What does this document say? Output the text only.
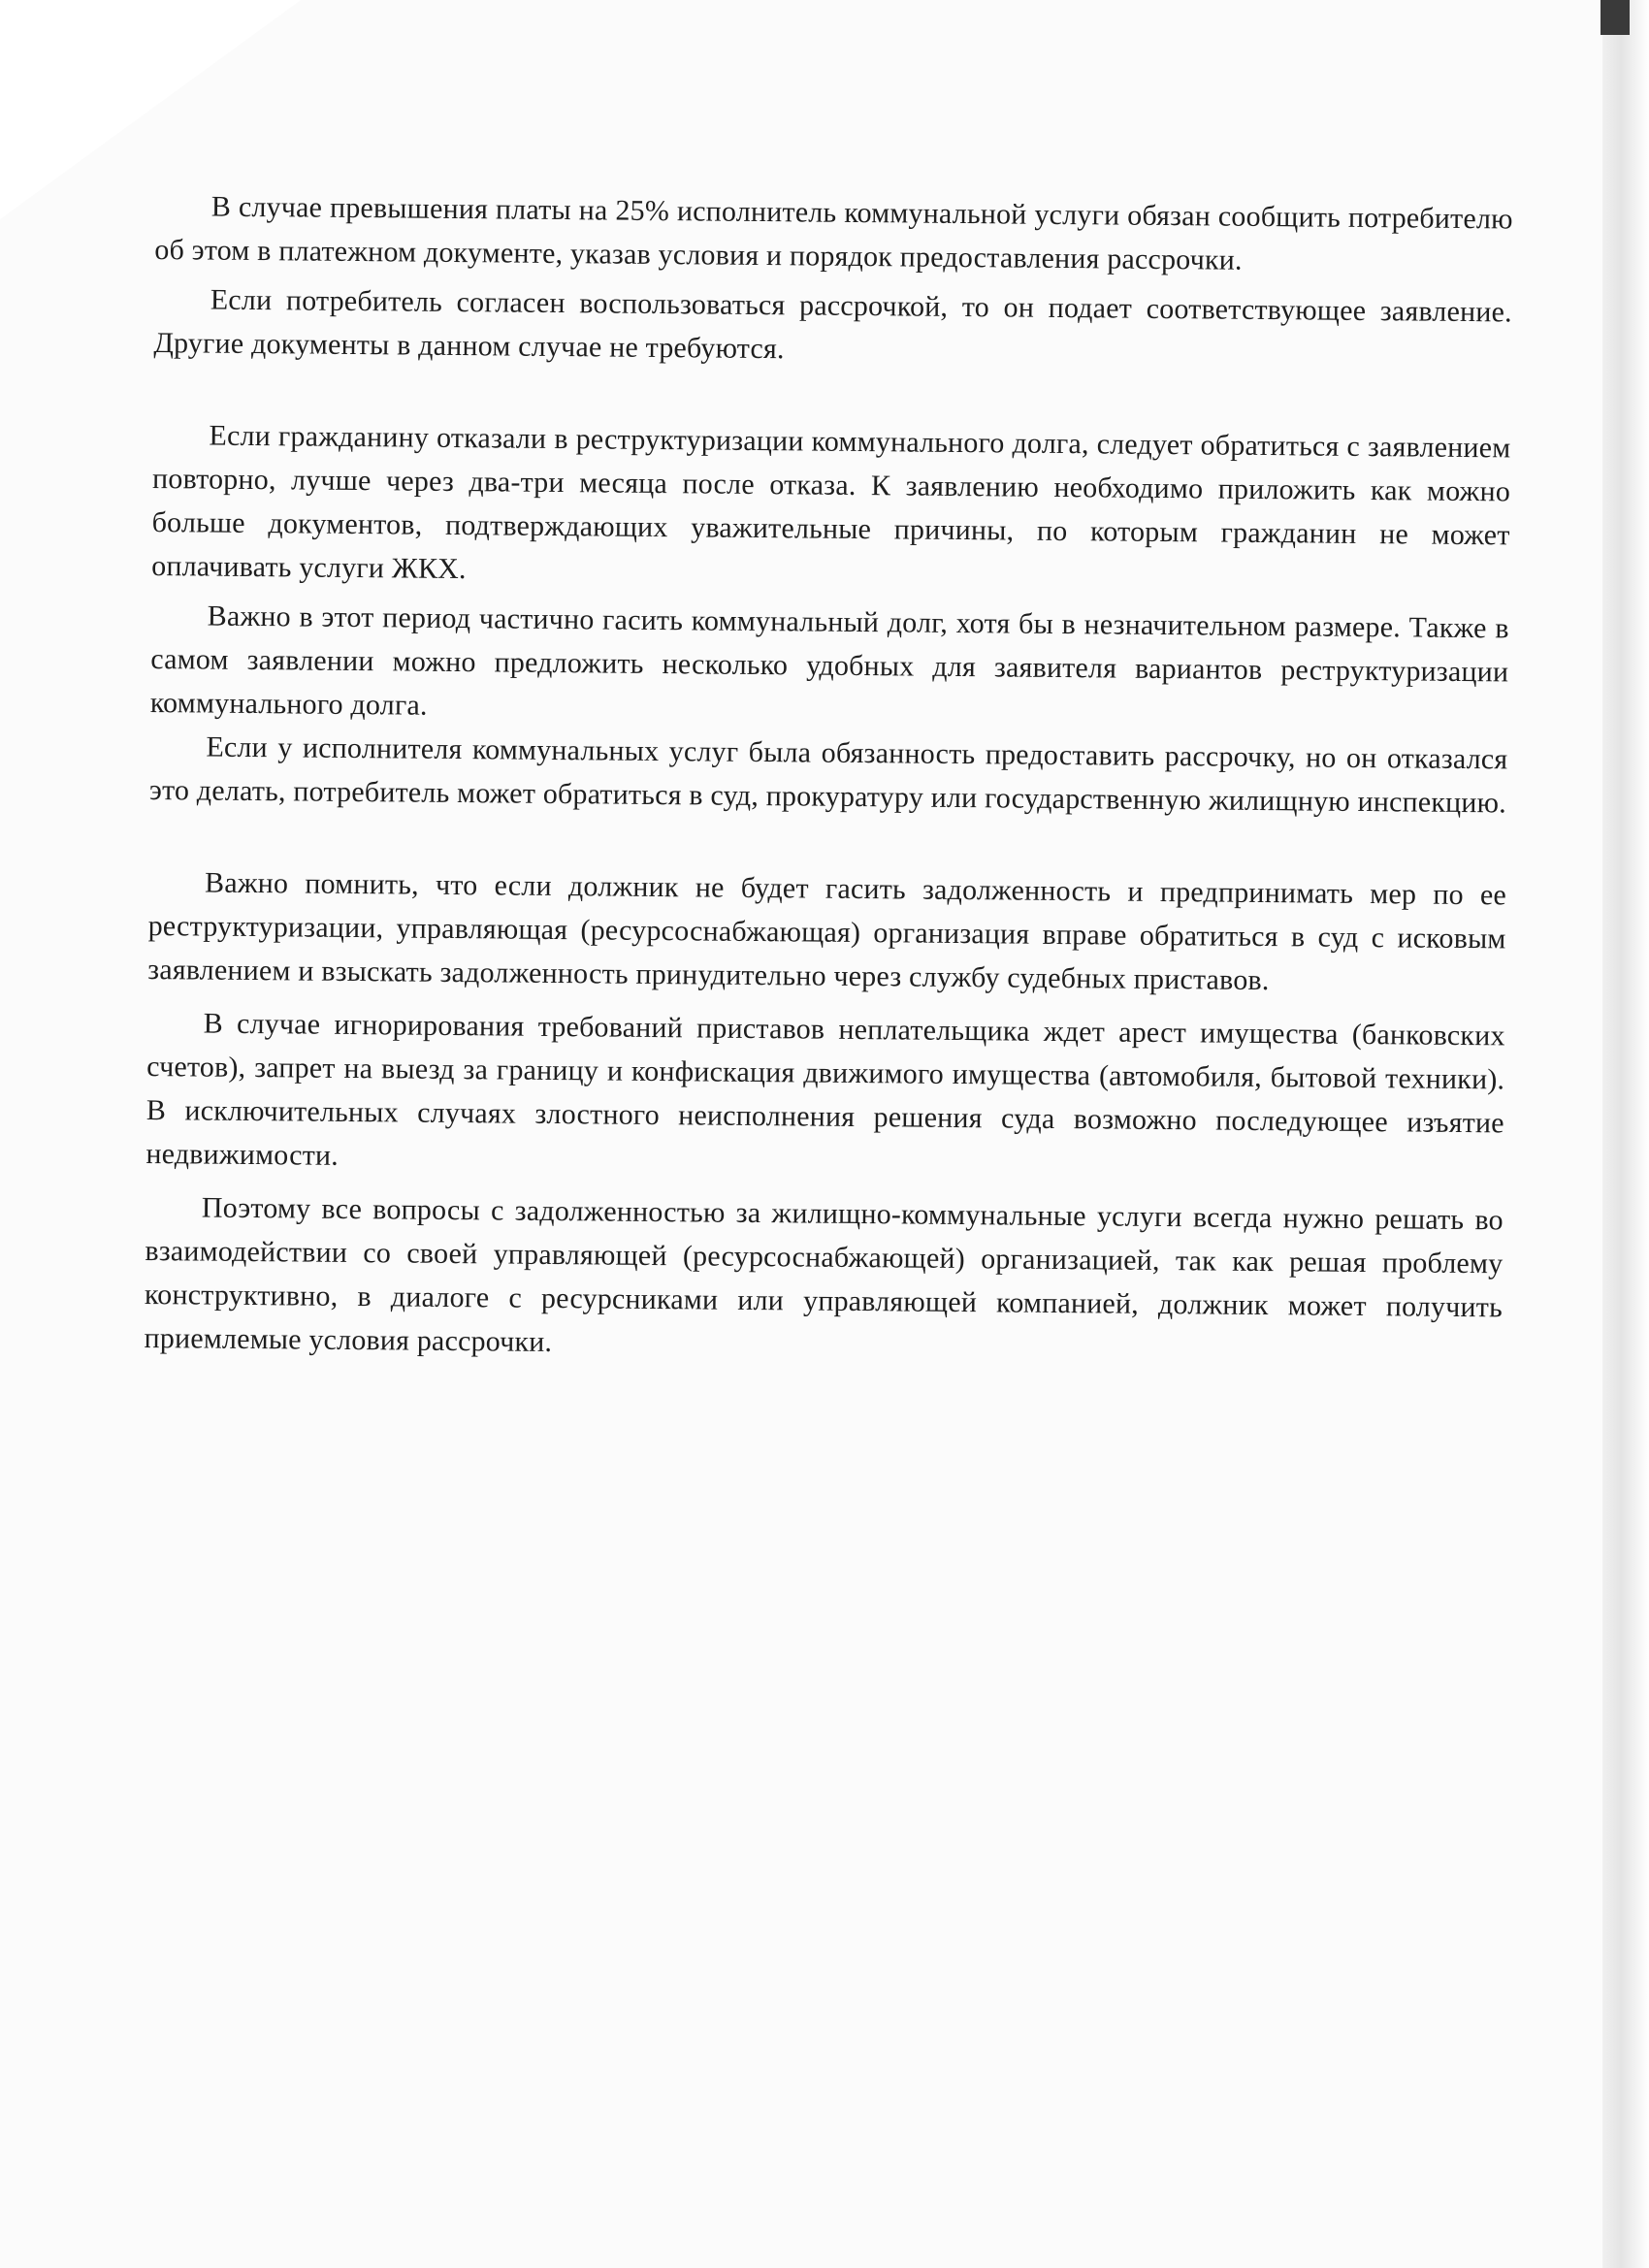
В случае превышения платы на 25% исполнитель коммунальной услуги обязан сообщить потребителю об этом в платежном документе, указав условия и порядок предоставления рассрочки.

Если потребитель согласен воспользоваться рассрочкой, то он подает соответствующее заявление. Другие документы в данном случае не требуются.

Если гражданину отказали в реструктуризации коммунального долга, следует обратиться с заявлением повторно, лучше через два-три месяца после отказа. К заявлению необходимо приложить как можно больше документов, подтверждающих уважительные причины, по которым гражданин не может оплачивать услуги ЖКХ.

Важно в этот период частично гасить коммунальный долг, хотя бы в незначительном размере. Также в самом заявлении можно предложить несколько удобных для заявителя вариантов реструктуризации коммунального долга.

Если у исполнителя коммунальных услуг была обязанность предоставить рассрочку, но он отказался это делать, потребитель может обратиться в суд, прокуратуру или государственную жилищную инспекцию.

Важно помнить, что если должник не будет гасить задолженность и предпринимать мер по ее реструктуризации, управляющая (ресурсоснабжающая) организация вправе обратиться в суд с исковым заявлением и взыскать задолженность принудительно через службу судебных приставов.

В случае игнорирования требований приставов неплательщика ждет арест имущества (банковских счетов), запрет на выезд за границу и конфискация движимого имущества (автомобиля, бытовой техники). В исключительных случаях злостного неисполнения решения суда возможно последующее изъятие недвижимости.

Поэтому все вопросы с задолженностью за жилищно-коммунальные услуги всегда нужно решать во взаимодействии со своей управляющей (ресурсоснабжающей) организацией, так как решая проблему конструктивно, в диалоге с ресурсниками или управляющей компанией, должник может получить приемлемые условия рассрочки.
